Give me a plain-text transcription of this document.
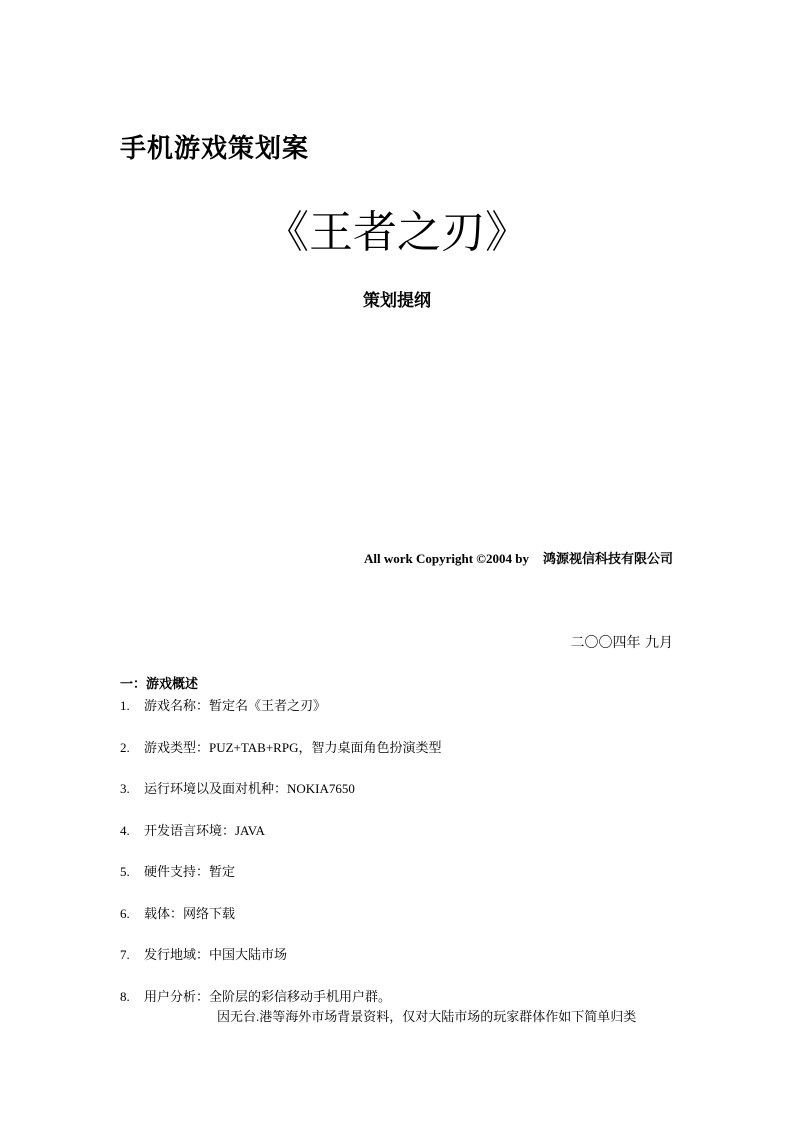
手机游戏策划案
《王者之刃》
策划提纲
All work Copyright ©2004 by 鸿源视信科技有限公司
二〇〇四年 九月
一：游戏概述
1. 游戏名称：暂定名《王者之刃》
2. 游戏类型：PUZ+TAB+RPG，智力桌面角色扮演类型
3. 运行环境以及面对机种：NOKIA7650
4. 开发语言环境：JAVA
5. 硬件支持：暂定
6. 载体：网络下载
7. 发行地域：中国大陆市场
8. 用户分析：全阶层的彩信移动手机用户群。
因无台.港等海外市场背景资料，仅对大陆市场的玩家群体作如下简单归类
